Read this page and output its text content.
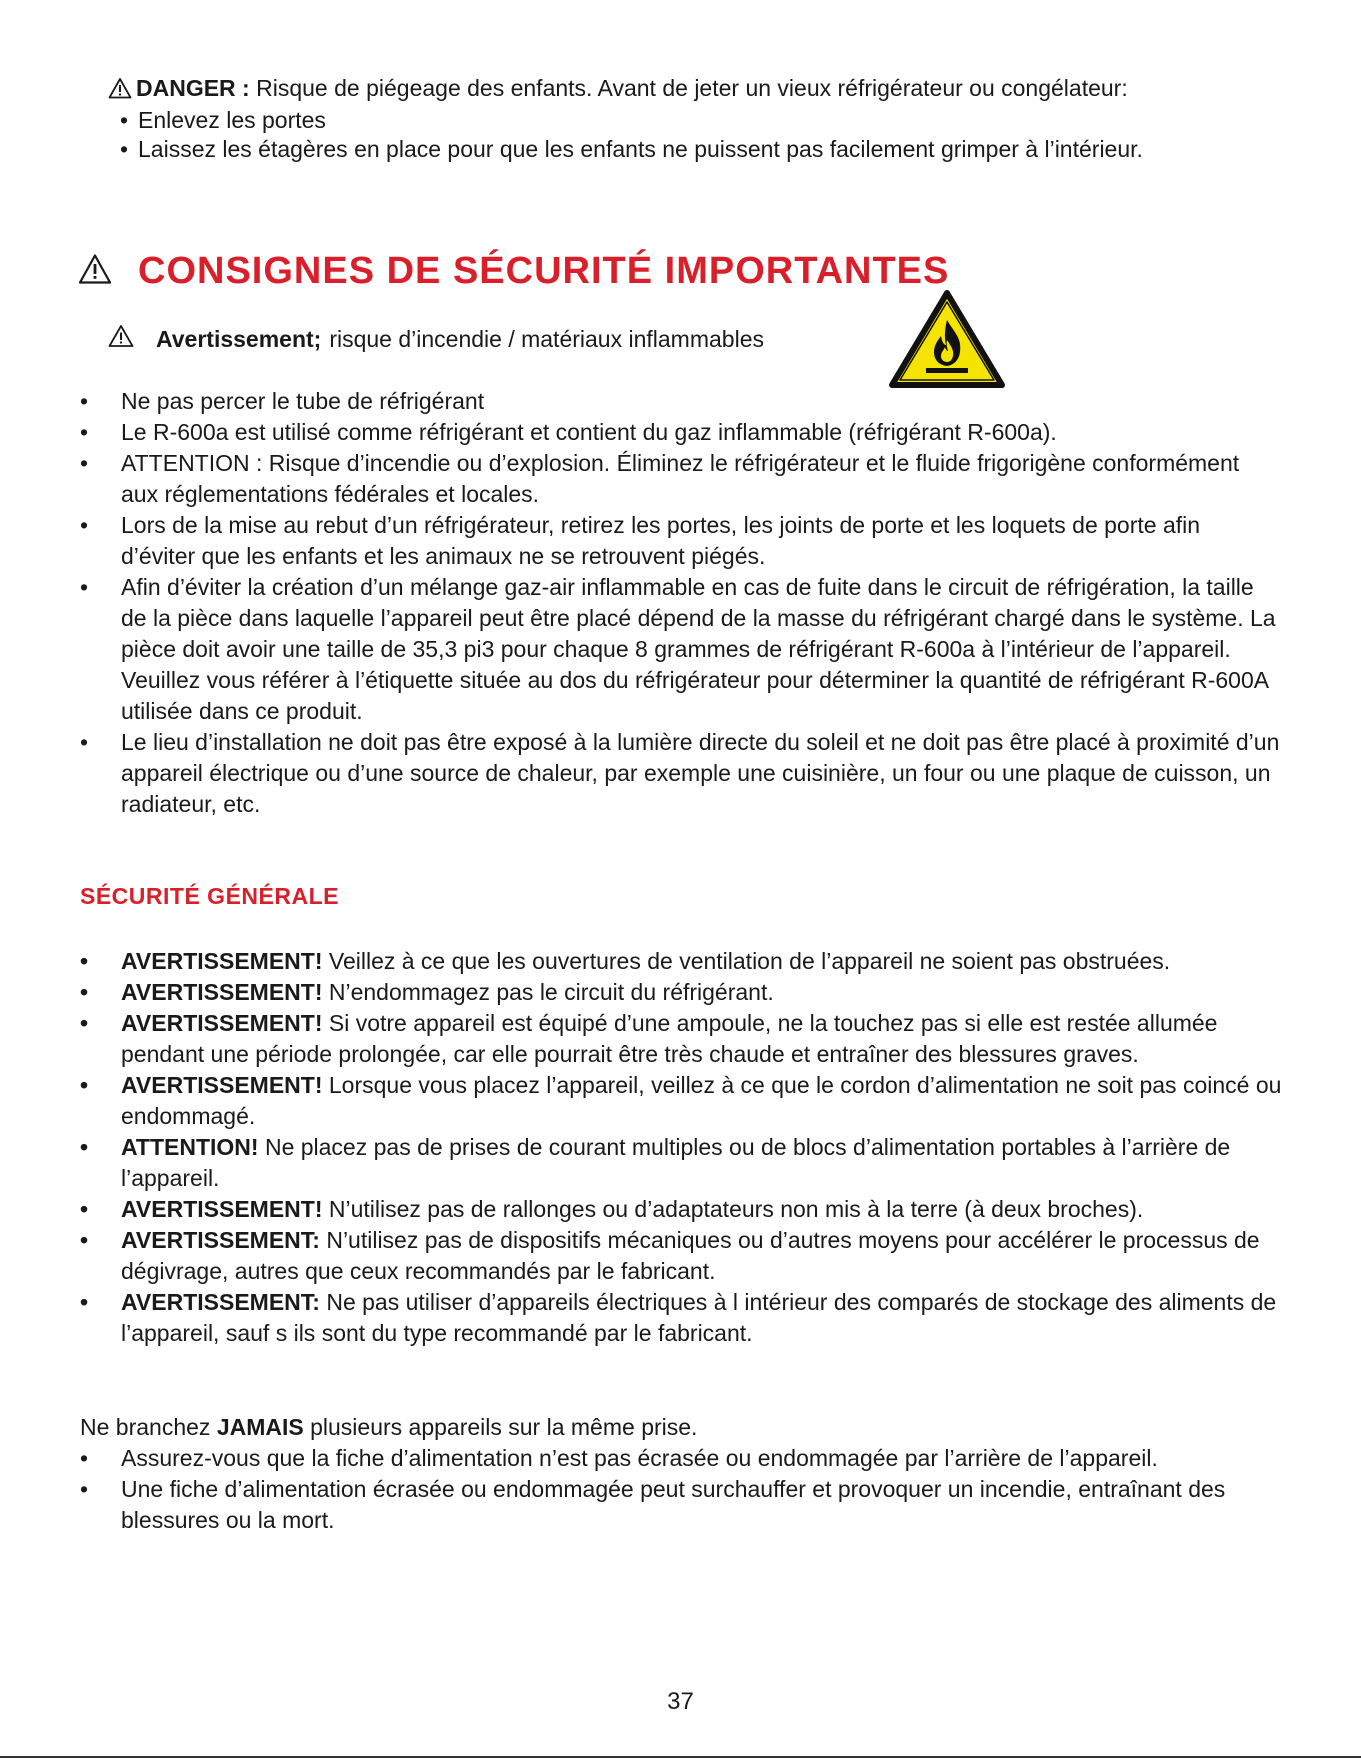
DANGER : Risque de piégeage des enfants. Avant de jeter un vieux réfrigérateur ou congélateur:
• Enlevez les portes
• Laissez les étagères en place pour que les enfants ne puissent pas facilement grimper à l’intérieur.
CONSIGNES DE SÉCURITÉ IMPORTANTES
Avertissement; risque d’incendie / matériaux inflammables
• Ne pas percer le tube de réfrigérant
• Le R-600a est utilisé comme réfrigérant et contient du gaz inflammable (réfrigérant R-600a).
• ATTENTION : Risque d’incendie ou d’explosion. Éliminez le réfrigérateur et le fluide frigorigène conformément aux réglementations fédérales et locales.
• Lors de la mise au rebut d’un réfrigérateur, retirez les portes, les joints de porte et les loquets de porte afin d’éviter que les enfants et les animaux ne se retrouvent piégés.
• Afin d’éviter la création d’un mélange gaz-air inflammable en cas de fuite dans le circuit de réfrigération, la taille de la pièce dans laquelle l’appareil peut être placé dépend de la masse du réfrigérant chargé dans le système. La pièce doit avoir une taille de 35,3 pi3 pour chaque 8 grammes de réfrigérant R-600a à l’intérieur de l’appareil. Veuillez vous référer à l’étiquette située au dos du réfrigérateur pour déterminer la quantité de réfrigérant R-600A utilisée dans ce produit.
• Le lieu d’installation ne doit pas être exposé à la lumière directe du soleil et ne doit pas être placé à proximité d’un appareil électrique ou d’une source de chaleur, par exemple une cuisinière, un four ou une plaque de cuisson, un radiateur, etc.
SÉCURITÉ GÉNÉRALE
• AVERTISSEMENT! Veillez à ce que les ouvertures de ventilation de l’appareil ne soient pas obstruées.
• AVERTISSEMENT! N’endommagez pas le circuit du réfrigérant.
• AVERTISSEMENT! Si votre appareil est équipé d’une ampoule, ne la touchez pas si elle est restée allumée pendant une période prolongée, car elle pourrait être très chaude et entraîner des blessures graves.
• AVERTISSEMENT! Lorsque vous placez l’appareil, veillez à ce que le cordon d’alimentation ne soit pas coincé ou endommagé.
• ATTENTION! Ne placez pas de prises de courant multiples ou de blocs d’alimentation portables à l’arrière de l’appareil.
• AVERTISSEMENT! N’utilisez pas de rallonges ou d’adaptateurs non mis à la terre (à deux broches).
• AVERTISSEMENT: N’utilisez pas de dispositifs mécaniques ou d’autres moyens pour accélérer le processus de dégivrage, autres que ceux recommandés par le fabricant.
• AVERTISSEMENT: Ne pas utiliser d’appareils électriques à l intérieur des comparés de stockage des aliments de l’appareil, sauf s ils sont du type recommandé par le fabricant.
Ne branchez JAMAIS plusieurs appareils sur la même prise.
• Assurez-vous que la fiche d’alimentation n’est pas écrasée ou endommagée par l’arrière de l’appareil.
• Une fiche d’alimentation écrasée ou endommagée peut surchauffer et provoquer un incendie, entraînant des blessures ou la mort.
37
